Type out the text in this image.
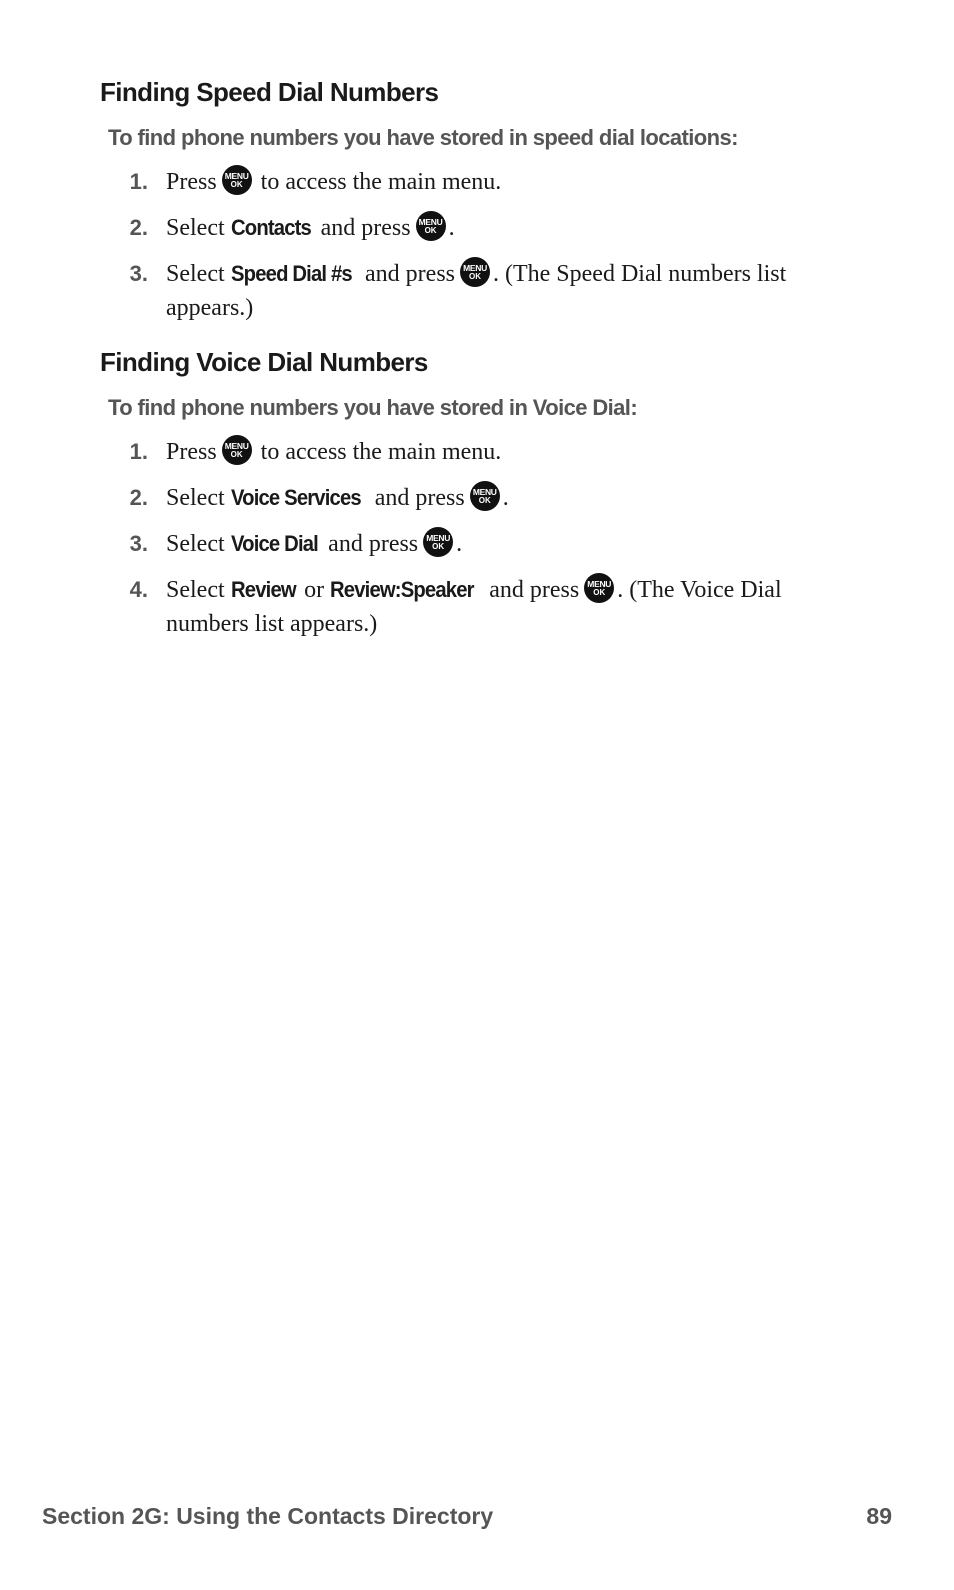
Finding Speed Dial Numbers

To find phone numbers you have stored in speed dial locations:

1. Press MENU
OK to access the main menu.
2. Select Contacts and press MENU
OK .
3. Select Speed Dial #s and press MENU
OK . (The Speed Dial numbers list appears.)
Finding Voice Dial Numbers

To find phone numbers you have stored in Voice Dial:

1. Press MENU
OK to access the main menu.
2. Select Voice Services and press MENU
OK .
3. Select Voice Dial and press MENU
OK .
4. Select Review or Review:Speaker and press MENU
OK . (The Voice Dial numbers list appears.)
Section 2G: Using the Contacts Directory	89
